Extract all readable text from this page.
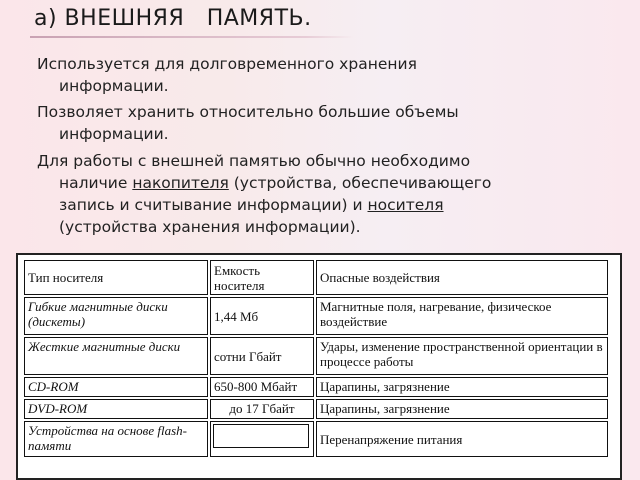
а) ВНЕШНЯЯ   ПАМЯТЬ.
Используется для долговременного хранения
информации.
Позволяет хранить относительно большие объемы
информации.
Для работы с внешней памятью обычно необходимо
наличие накопителя (устройства, обеспечивающего
запись и считывание информации) и носителя
(устройства хранения информации).
Тип носителя	Емкость носителя	Опасные воздействия
Гибкие магнитные диски (дискеты)	1,44 Мб	Магнитные поля, нагревание, физическое воздействие
Жесткие магнитные диски	сотни Гбайт	Удары, изменение пространственной ориентации в процессе работы
CD-ROM	650-800 Мбайт	Царапины, загрязнение
DVD-ROM	до 17 Гбайт	Царапины, загрязнение
Устройства на основе flash-памяти		Перенапряжение питания
